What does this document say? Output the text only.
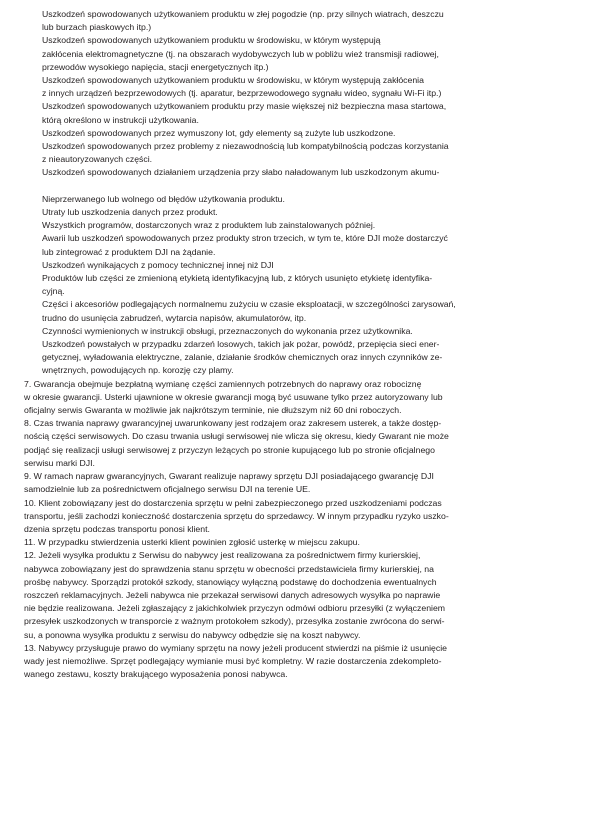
Uszkodzeń spowodowanych użytkowaniem produktu w złej pogodzie (np. przy silnych wiatrach, deszczu
lub burzach piaskowych itp.)
Uszkodzeń spowodowanych użytkowaniem produktu w środowisku, w którym występują
zakłócenia elektromagnetyczne (tj. na obszarach wydobywczych lub w pobliżu wież transmisji radiowej,
przewodów wysokiego napięcia, stacji energetycznych itp.)
Uszkodzeń spowodowanych użytkowaniem produktu w środowisku, w którym występują zakłócenia
z innych urządzeń bezprzewodowych (tj. aparatur, bezprzewodowego sygnału wideo, sygnału Wi-Fi itp.)
Uszkodzeń spowodowanych użytkowaniem produktu przy masie większej niż bezpieczna masa startowa,
którą określono w instrukcji użytkowania.
Uszkodzeń spowodowanych przez wymuszony lot, gdy elementy są zużyte lub uszkodzone.
Uszkodzeń spowodowanych przez problemy z niezawodnością lub kompatybilnością podczas korzystania
z nieautoryzowanych części.
Uszkodzeń spowodowanych działaniem urządzenia przy słabo naładowanym lub uszkodzonym akumu-
Nieprzerwanego lub wolnego od błędów użytkowania produktu.
Utraty lub uszkodzenia danych przez produkt.
Wszystkich programów, dostarczonych wraz z produktem lub zainstalowanych później.
Awarii lub uszkodzeń spowodowanych przez produkty stron trzecich, w tym te, które DJI może dostarczyć
lub zintegrować z produktem DJI na żądanie.
Uszkodzeń wynikających z pomocy technicznej innej niż DJI
Produktów lub części ze zmienioną etykietą identyfikacyjną lub, z których usunięto etykietę identyfika-
cyjną.
Części i akcesoriów podlegających normalnemu zużyciu w czasie eksploatacji, w szczególności zarysowań,
trudno do usunięcia zabrudzeń, wytarcia napisów, akumulatorów, itp.
Czynności wymienionych w instrukcji obsługi, przeznaczonych do wykonania przez użytkownika.
Uszkodzeń powstałych w przypadku zdarzeń losowych, takich jak pożar, powódź, przepięcia sieci ener-
getycznej, wyładowania elektryczne, zalanie, działanie środków chemicznych oraz innych czynników ze-
wnętrznych, powodujących np. korozję czy plamy.
7. Gwarancja obejmuje bezpłatną wymianę części zamiennych potrzebnych do naprawy oraz robociznę
w okresie gwarancji. Usterki ujawnione w okresie gwarancji mogą być usuwane tylko przez autoryzowany lub
oficjalny serwis Gwaranta w możliwie jak najkrótszym terminie, nie dłuższym niż 60 dni roboczych.
8. Czas trwania naprawy gwarancyjnej uwarunkowany jest rodzajem oraz zakresem usterek, a także dostęp-
nością części serwisowych. Do czasu trwania usługi serwisowej nie wlicza się okresu, kiedy Gwarant nie może
podjąć się realizacji usługi serwisowej z przyczyn leżących po stronie kupującego lub po stronie oficjalnego
serwisu marki DJI.
9. W ramach napraw gwarancyjnych, Gwarant realizuje naprawy sprzętu DJI posiadającego gwarancję DJI
samodzielnie lub za pośrednictwem oficjalnego serwisu DJI na terenie UE.
10. Klient zobowiązany jest do dostarczenia sprzętu w pełni zabezpieczonego przed uszkodzeniami podczas
transportu, jeśli zachodzi konieczność dostarczenia sprzętu do sprzedawcy. W innym przypadku ryzyko uszko-
dzenia sprzętu podczas transportu ponosi klient.
11. W przypadku stwierdzenia usterki klient powinien zgłosić usterkę w miejscu zakupu.
12. Jeżeli wysyłka produktu z Serwisu do nabywcy jest realizowana za pośrednictwem firmy kurierskiej,
nabywca zobowiązany jest do sprawdzenia stanu sprzętu w obecności przedstawiciela firmy kurierskiej, na
prośbę nabywcy. Sporządzi protokół szkody, stanowiący wyłączną podstawę do dochodzenia ewentualnych
roszczeń reklamacyjnych. Jeżeli nabywca nie przekazał serwisowi danych adresowych wysyłka po naprawie
nie będzie realizowana. Jeżeli zgłaszający z jakichkolwiek przyczyn odmówi odbioru przesyłki (z wyłączeniem
przesyłek uszkodzonych w transporcie z ważnym protokołem szkody), przesyłka zostanie zwrócona do serwi-
su, a ponowna wysyłka produktu z serwisu do nabywcy odbędzie się na koszt nabywcy.
13. Nabywcy przysługuje prawo do wymiany sprzętu na nowy jeżeli producent stwierdzi na piśmie iż usunięcie
wady jest niemożliwe. Sprzęt podlegający wymianie musi być kompletny. W razie dostarczenia zdekompleto-
wanego zestawu, koszty brakującego wyposażenia ponosi nabywca.
